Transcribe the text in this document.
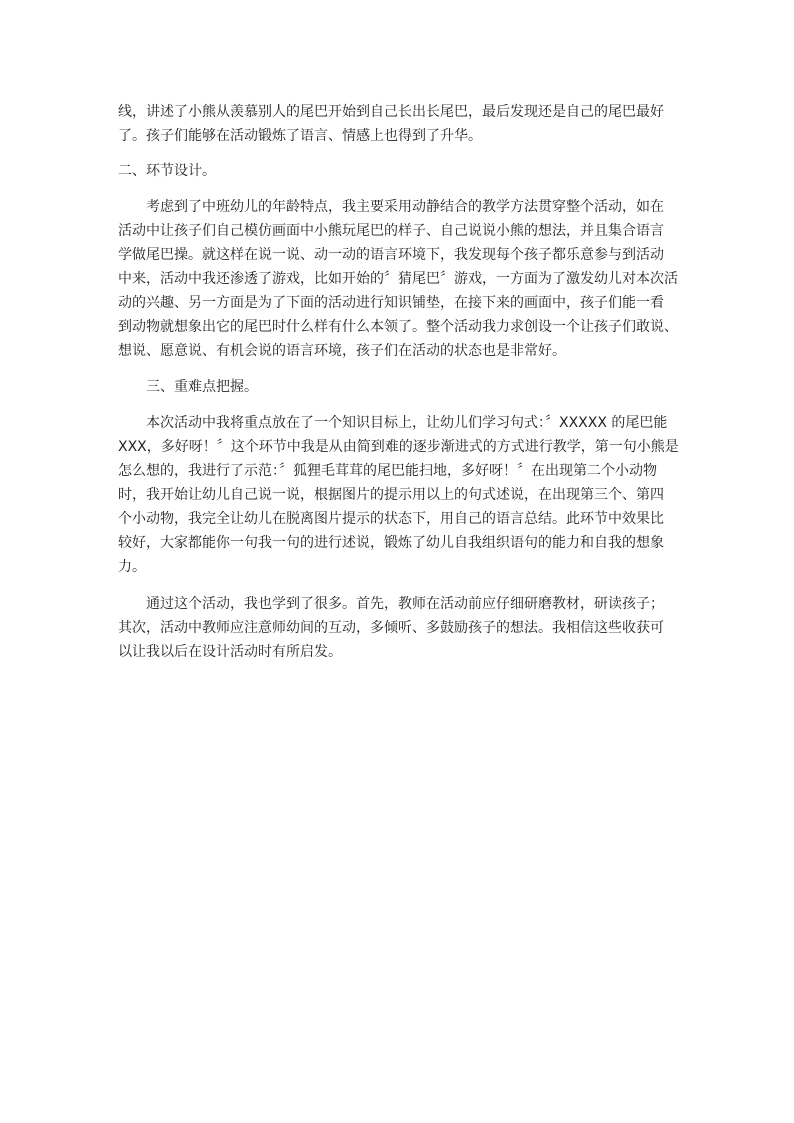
线，讲述了小熊从羡慕别人的尾巴开始到自己长出长尾巴，最后发现还是自己的尾巴最好
了。孩子们能够在活动锻炼了语言、情感上也得到了升华。
二、环节设计。
考虑到了中班幼儿的年龄特点，我主要采用动静结合的教学方法贯穿整个活动，如在
活动中让孩子们自己模仿画面中小熊玩尾巴的样子、自己说说小熊的想法，并且集合语言
学做尾巴操。就这样在说一说、动一动的语言环境下，我发现每个孩子都乐意参与到活动
中来，活动中我还渗透了游戏，比如开始的〞猜尾巴〞游戏，一方面为了激发幼儿对本次活
动的兴趣、另一方面是为了下面的活动进行知识铺垫，在接下来的画面中，孩子们能一看
到动物就想象出它的尾巴时什么样有什么本领了。整个活动我力求创设一个让孩子们敢说、
想说、愿意说、有机会说的语言环境，孩子们在活动的状态也是非常好。
三、重难点把握。
本次活动中我将重点放在了一个知识目标上，让幼儿们学习句式：〞XXXXX 的尾巴能
XXX，多好呀！〞这个环节中我是从由简到难的逐步渐进式的方式进行教学，第一句小熊是
怎么想的，我进行了示范：〞狐狸毛茸茸的尾巴能扫地，多好呀！〞在出现第二个小动物
时，我开始让幼儿自己说一说，根据图片的提示用以上的句式述说，在出现第三个、第四
个小动物，我完全让幼儿在脱离图片提示的状态下，用自己的语言总结。此环节中效果比
较好，大家都能你一句我一句的进行述说，锻炼了幼儿自我组织语句的能力和自我的想象
力。
通过这个活动，我也学到了很多。首先，教师在活动前应仔细研磨教材，研读孩子；
其次，活动中教师应注意师幼间的互动，多倾听、多鼓励孩子的想法。我相信这些收获可
以让我以后在设计活动时有所启发。
